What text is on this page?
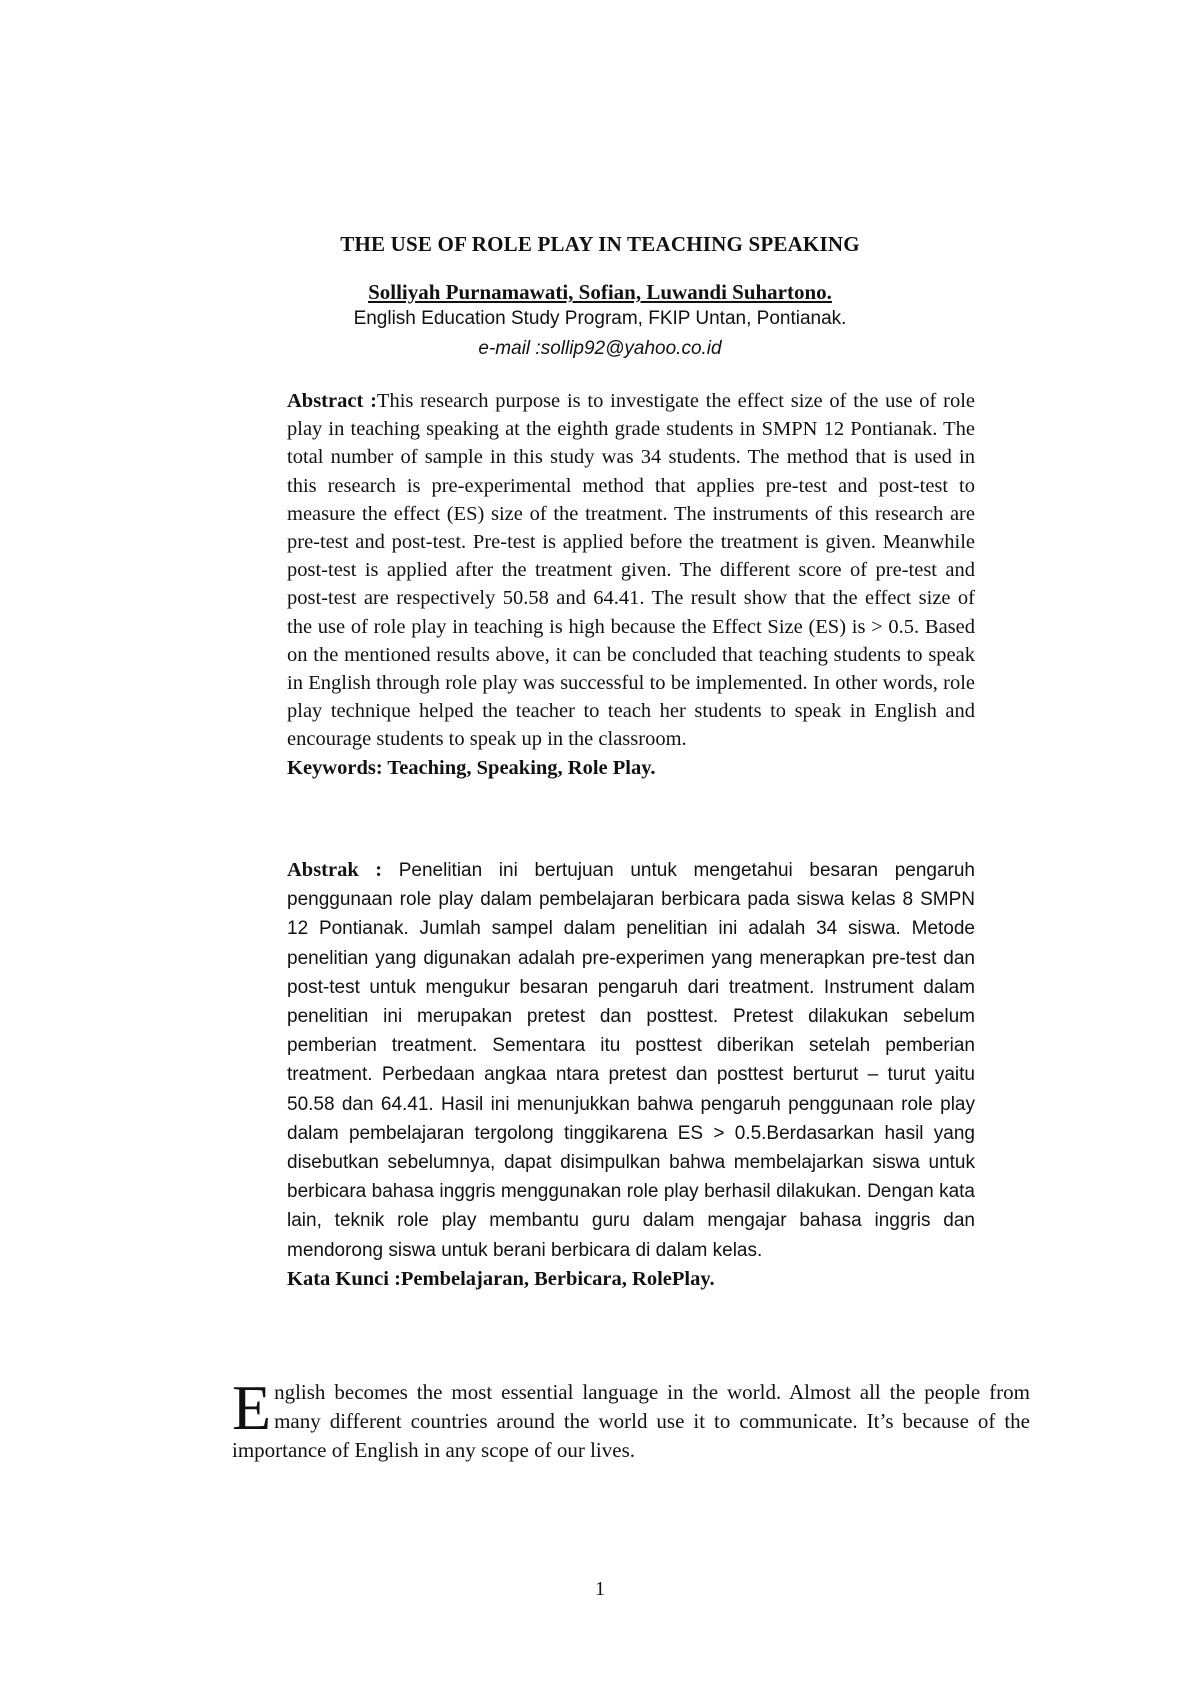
THE USE OF ROLE PLAY IN TEACHING SPEAKING
Solliyah Purnamawati, Sofian, Luwandi Suhartono.
English Education Study Program, FKIP Untan, Pontianak.
e-mail :sollip92@yahoo.co.id
Abstract :This research purpose is to investigate the effect size of the use of role play in teaching speaking at the eighth grade students in SMPN 12 Pontianak. The total number of sample in this study was 34 students. The method that is used in this research is pre-experimental method that applies pre-test and post-test to measure the effect (ES) size of the treatment. The instruments of this research are pre-test and post-test. Pre-test is applied before the treatment is given. Meanwhile post-test is applied after the treatment given. The different score of pre-test and post-test are respectively 50.58 and 64.41. The result show that the effect size of the use of role play in teaching is high because the Effect Size (ES) is > 0.5. Based on the mentioned results above, it can be concluded that teaching students to speak in English through role play was successful to be implemented. In other words, role play technique helped the teacher to teach her students to speak in English and encourage students to speak up in the classroom.
Keywords: Teaching, Speaking, Role Play.
Abstrak : Penelitian ini bertujuan untuk mengetahui besaran pengaruh penggunaan role play dalam pembelajaran berbicara pada siswa kelas 8 SMPN 12 Pontianak. Jumlah sampel dalam penelitian ini adalah 34 siswa. Metode penelitian yang digunakan adalah pre-experimen yang menerapkan pre-test dan post-test untuk mengukur besaran pengaruh dari treatment. Instrument dalam penelitian ini merupakan pretest dan posttest. Pretest dilakukan sebelum pemberian treatment. Sementara itu posttest diberikan setelah pemberian treatment. Perbedaan angkaa ntara pretest dan posttest berturut – turut yaitu 50.58 dan 64.41. Hasil ini menunjukkan bahwa pengaruh penggunaan role play dalam pembelajaran tergolong tinggikarena ES > 0.5.Berdasarkan hasil yang disebutkan sebelumnya, dapat disimpulkan bahwa membelajarkan siswa untuk berbicara bahasa inggris menggunakan role play berhasil dilakukan. Dengan kata lain, teknik role play membantu guru dalam mengajar bahasa inggris dan mendorong siswa untuk berani berbicara di dalam kelas.
Kata Kunci :Pembelajaran, Berbicara, RolePlay.
English becomes the most essential language in the world. Almost all the people from many different countries around the world use it to communicate. It’s because of the importance of English in any scope of our lives.
1
